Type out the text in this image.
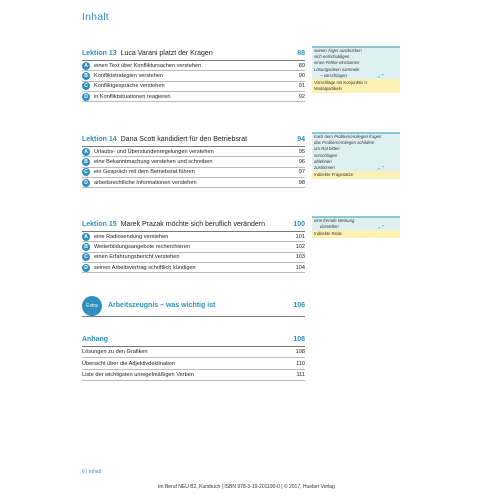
Inhalt
Lektion 13 Luca Varani platzt der Kragen	88
A	einen Text über Konfliktursachen verstehen	89
B	Konfliktstrategien verstehen	90
C	Konfliktgespräche verstehen	91
D	in Konfliktsituationen reagieren	92
seinen Ärger ausdrücken
sich entschuldigen
einen Fehler einräumen
Lösungsideen sammeln
– vorschlagen	„ “
Vorschläge mit Konjunktiv II
Modalpartikeln
Lektion 14 Dana Scott kandidiert für den Betriebsrat	94
A	Urlaubs- und Überstundenregelungen verstehen	95
B	eine Bekanntmachung verstehen und schreiben	96
C	ein Gespräch mit dem Betriebsrat führen	97
D	arbeitsrechtliche Informationen verstehen	98
nach dem Problem/Anliegen fragen
das Problem/Anliegen schildern
um Rat bitten
vorschlagen
ablehnen
zustimmen	„ “
Indirekte Fragesätze
Lektion 15 Marek Prazak möchte sich beruflich verändern	100
A	eine Radiosendung verstehen	101
B	Weiterbildungsangebote recherchieren	102
C	einen Erfahrungsbericht verstehen	103
D	seinen Arbeitsvertrag schriftlich kündigen	104
eine fremde Meinung
darstellen	„ “
Indirekte Rede
Extra	Arbeitszeugnis – was wichtig ist	106
Anhang	108
Lösungen zu den Grafiken	108
Übersicht über die Adjektivdeklination	110
Liste der wichtigsten unregelmäßigen Verben	111
6 | Inhalt
Im Beruf NEU B2, Kursbuch | ISBN 978-3-19-201190-0 | © 2017, Hueber Verlag
